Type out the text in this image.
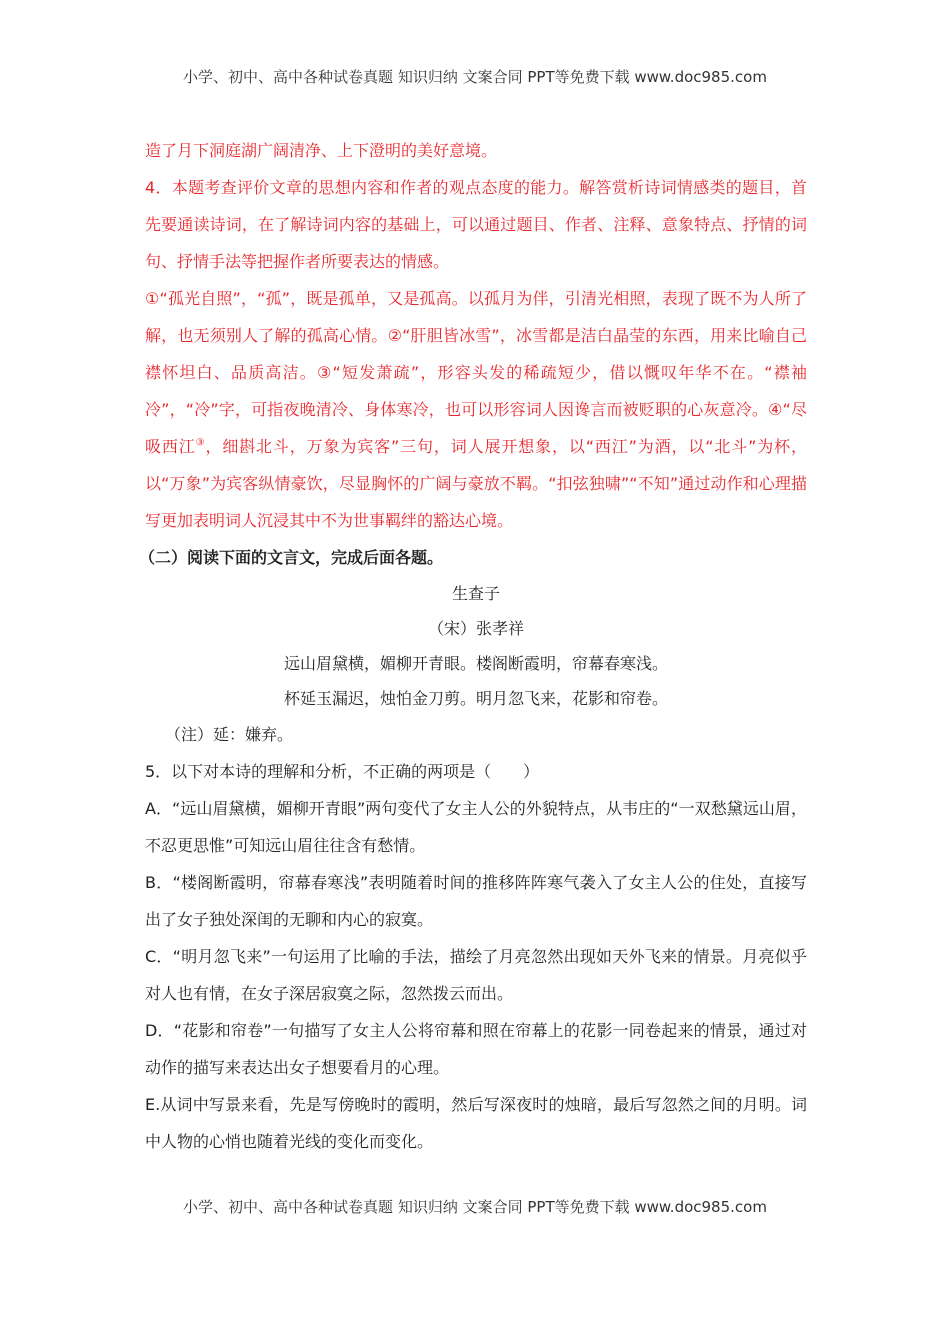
小学、初中、高中各种试卷真题 知识归纳 文案合同 PPT等免费下载 www.doc985.com

造了月下洞庭湖广阔清净、上下澄明的美好意境。

4．本题考查评价文章的思想内容和作者的观点态度的能力。解答赏析诗词情感类的题目，首先要通读诗词，在了解诗词内容的基础上，可以通过题目、作者、注释、意象特点、抒情的词句、抒情手法等把握作者所要表达的情感。

①“孤光自照”，“孤”，既是孤单，又是孤高。以孤月为伴，引清光相照，表现了既不为人所了解，也无须别人了解的孤高心情。②“肝胆皆冰雪”，冰雪都是洁白晶莹的东西，用来比喻自己襟怀坦白、品质高洁。③“短发萧疏”，形容头发的稀疏短少，借以慨叹年华不在。“襟袖冷”，“冷”字，可指夜晚清冷、身体寒冷，也可以形容词人因谗言而被贬职的心灰意冷。④“尽吸西江③，细斟北斗，万象为宾客”三句，词人展开想象，以“西江”为酒，以“北斗”为杯，以“万象”为宾客纵情豪饮，尽显胸怀的广阔与豪放不羁。“扣弦独啸”“不知”通过动作和心理描写更加表明词人沉浸其中不为世事羁绊的豁达心境。

（二）阅读下面的文言文，完成后面各题。

生查子

（宋）张孝祥

远山眉黛横，媚柳开青眼。楼阁断霞明，帘幕春寒浅。

杯延玉漏迟，烛怕金刀剪。明月忽飞来，花影和帘卷。

（注）延：嫌弃。

5．以下对本诗的理解和分析，不正确的两项是（　　）

A．“远山眉黛横，媚柳开青眼”两句变代了女主人公的外貌特点，从韦庄的“一双愁黛远山眉，不忍更思惟”可知远山眉往往含有愁情。

B．“楼阁断霞明，帘幕春寒浅”表明随着时间的推移阵阵寒气袭入了女主人公的住处，直接写出了女子独处深闺的无聊和内心的寂寞。

C．“明月忽飞来”一句运用了比喻的手法，描绘了月亮忽然出现如天外飞来的情景。月亮似乎对人也有情，在女子深居寂寞之际，忽然拨云而出。

D．“花影和帘卷”一句描写了女主人公将帘幕和照在帘幕上的花影一同卷起来的情景，通过对动作的描写来表达出女子想要看月的心理。

E.从词中写景来看，先是写傍晚时的霞明，然后写深夜时的烛暗，最后写忽然之间的月明。词中人物的心悄也随着光线的变化而变化。

小学、初中、高中各种试卷真题 知识归纳 文案合同 PPT等免费下载 www.doc985.com
